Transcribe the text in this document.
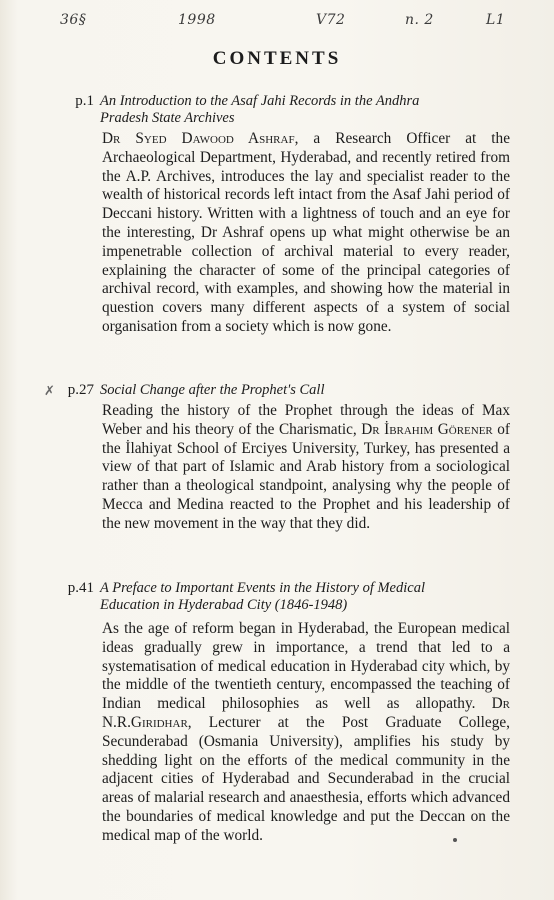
36§	1998	V72	n. 2	L1
CONTENTS
p.1 An Introduction to the Asaf Jahi Records in the Andhra
Pradesh State Archives
Dr Syed Dawood Ashraf, a Research Officer at the Archaeological Department, Hyderabad, and recently retired from the A.P. Archives, introduces the lay and specialist reader to the wealth of historical records left intact from the Asaf Jahi period of Deccani history. Written with a lightness of touch and an eye for the interesting, Dr Ashraf opens up what might otherwise be an impenetrable collection of archival material to every reader, explaining the character of some of the principal categories of archival record, with examples, and showing how the material in question covers many different aspects of a system of social organisation from a society which is now gone.
✗ p.27 Social Change after the Prophet's Call
Reading the history of the Prophet through the ideas of Max Weber and his theory of the Charismatic, Dr İbrahim Görener of the İlahiyat School of Erciyes University, Turkey, has presented a view of that part of Islamic and Arab history from a sociological rather than a theological standpoint, analysing why the people of Mecca and Medina reacted to the Prophet and his leadership of the new movement in the way that they did.
p.41 A Preface to Important Events in the History of Medical
Education in Hyderabad City (1846-1948)
As the age of reform began in Hyderabad, the European medical ideas gradually grew in importance, a trend that led to a systematisation of medical education in Hyderabad city which, by the middle of the twentieth century, encompassed the teaching of Indian medical philosophies as well as allopathy. Dr N.R.Giridhar, Lecturer at the Post Graduate College, Secunderabad (Osmania University), amplifies his study by shedding light on the efforts of the medical community in the adjacent cities of Hyderabad and Secunderabad in the crucial areas of malarial research and anaesthesia, efforts which advanced the boundaries of medical knowledge and put the Deccan on the medical map of the world.
